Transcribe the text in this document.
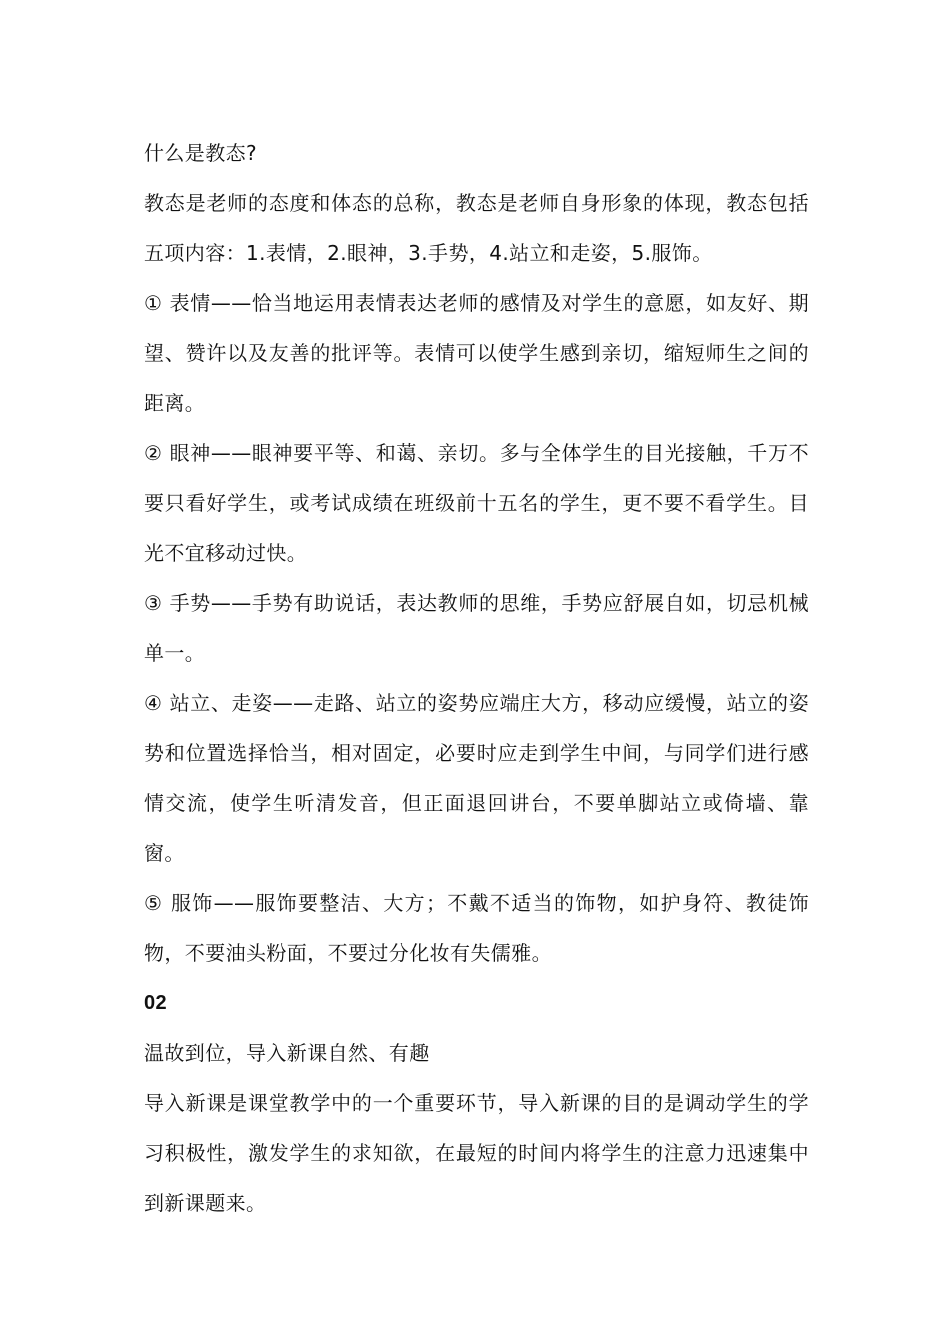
什么是教态?

教态是老师的态度和体态的总称，教态是老师自身形象的体现，教态包括五项内容：1.表情，2.眼神，3.手势，4.站立和走姿，5.服饰。

① 表情——恰当地运用表情表达老师的感情及对学生的意愿，如友好、期望、赞许以及友善的批评等。表情可以使学生感到亲切，缩短师生之间的距离。

② 眼神——眼神要平等、和蔼、亲切。多与全体学生的目光接触，千万不要只看好学生，或考试成绩在班级前十五名的学生，更不要不看学生。目光不宜移动过快。

③ 手势——手势有助说话，表达教师的思维，手势应舒展自如，切忌机械单一。

④ 站立、走姿——走路、站立的姿势应端庄大方，移动应缓慢，站立的姿势和位置选择恰当，相对固定，必要时应走到学生中间，与同学们进行感情交流，使学生听清发音，但正面退回讲台，不要单脚站立或倚墙、靠窗。

⑤ 服饰——服饰要整洁、大方；不戴不适当的饰物，如护身符、教徒饰物，不要油头粉面，不要过分化妆有失儒雅。

02

温故到位，导入新课自然、有趣

导入新课是课堂教学中的一个重要环节，导入新课的目的是调动学生的学习积极性，激发学生的求知欲，在最短的时间内将学生的注意力迅速集中到新课题来。
